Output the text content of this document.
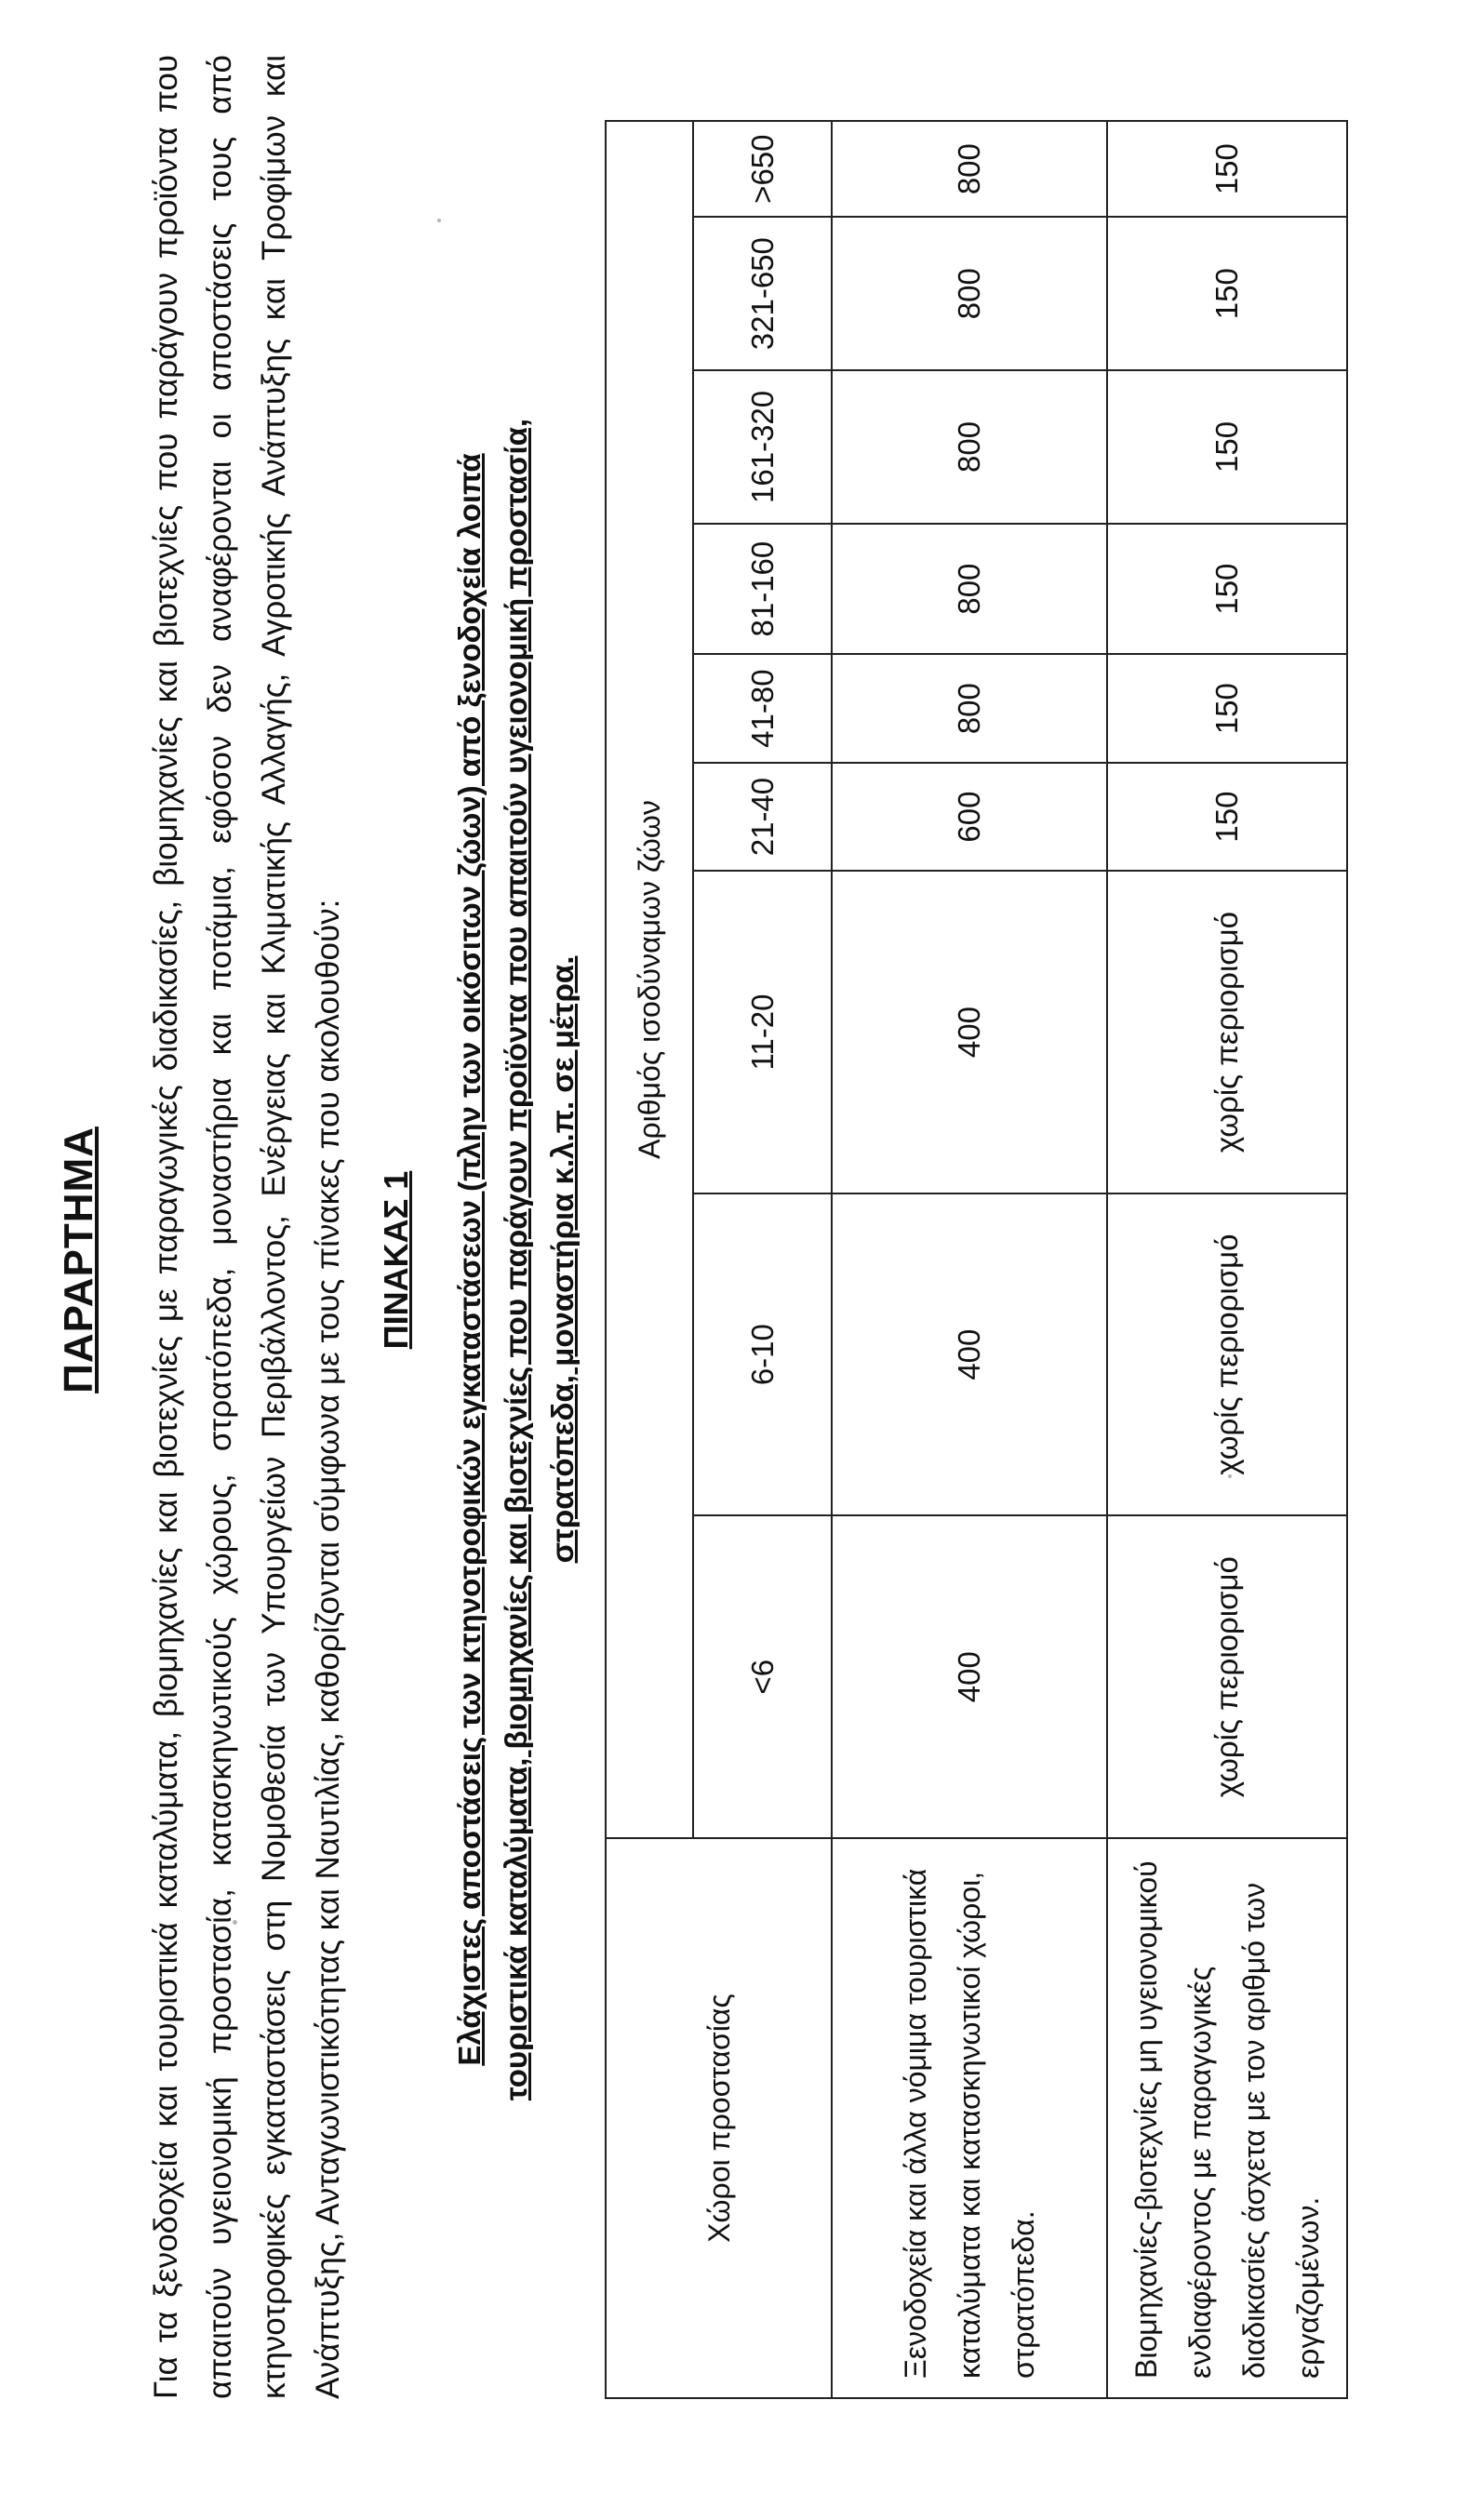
ΠΑΡΑΡΤΗΜΑ Για τα ξενοδοχεία και τουριστικά καταλύματα, βιομηχανίες και βιοτεχνίες με παραγωγικές διαδικασίες, βιομηχανίες και βιοτεχνίες που παράγουν προϊόντα που απαιτούν υγειονομική προστασία, κατασκηνωτικούς χώρους, στρατόπεδα, μοναστήρια και ποτάμια, εφόσον δεν αναφέρονται οι αποστάσεις τους από κτηνοτροφικές εγκαταστάσεις στη Νομοθεσία των Υπουργείων Περιβάλλοντος, Ενέργειας και Κλιματικής Αλλαγής, Αγροτικής Ανάπτυξης και Τροφίμων και Ανάπτυξης, Ανταγωνιστικότητας και Ναυτιλίας, καθορίζονται σύμφωνα με τους πίνακες που ακολουθούν: ΠΙΝΑΚΑΣ 1 Ελάχιστες αποστάσεις των κτηνοτροφικών εγκαταστάσεων (πλην των οικόσιτων ζώων) από ξενοδοχεία λοιπά τουριστικά καταλύματα, βιομηχανίες και βιοτεχνίες που παράγουν προϊόντα που απαιτούν υγειονομική προστασία, στρατόπεδα, μοναστήρια κ.λ.π. σε μέτρα.
Χώροι προστασίας	Αριθμός ισοδύναμων ζώων								
	<6	6-10	11-20	21-40	41-80	81-160	161-320	321-650	>650
Ξενοδοχεία και άλλα νόμιμα τουριστικά καταλύματα και κατασκηνωτικοί χώροι, στρατόπεδα.	400	400	400	600	800	800	800	800	800
Βιομηχανίες-βιοτεχνίες μη υγειονομικού ενδιαφέροντος με παραγωγικές διαδικασίες άσχετα με τον αριθμό των εργαζομένων.	χωρίς περιορισμό	χωρίς περιορισμό	χωρίς περιορισμό	150	150	150	150	150	150
